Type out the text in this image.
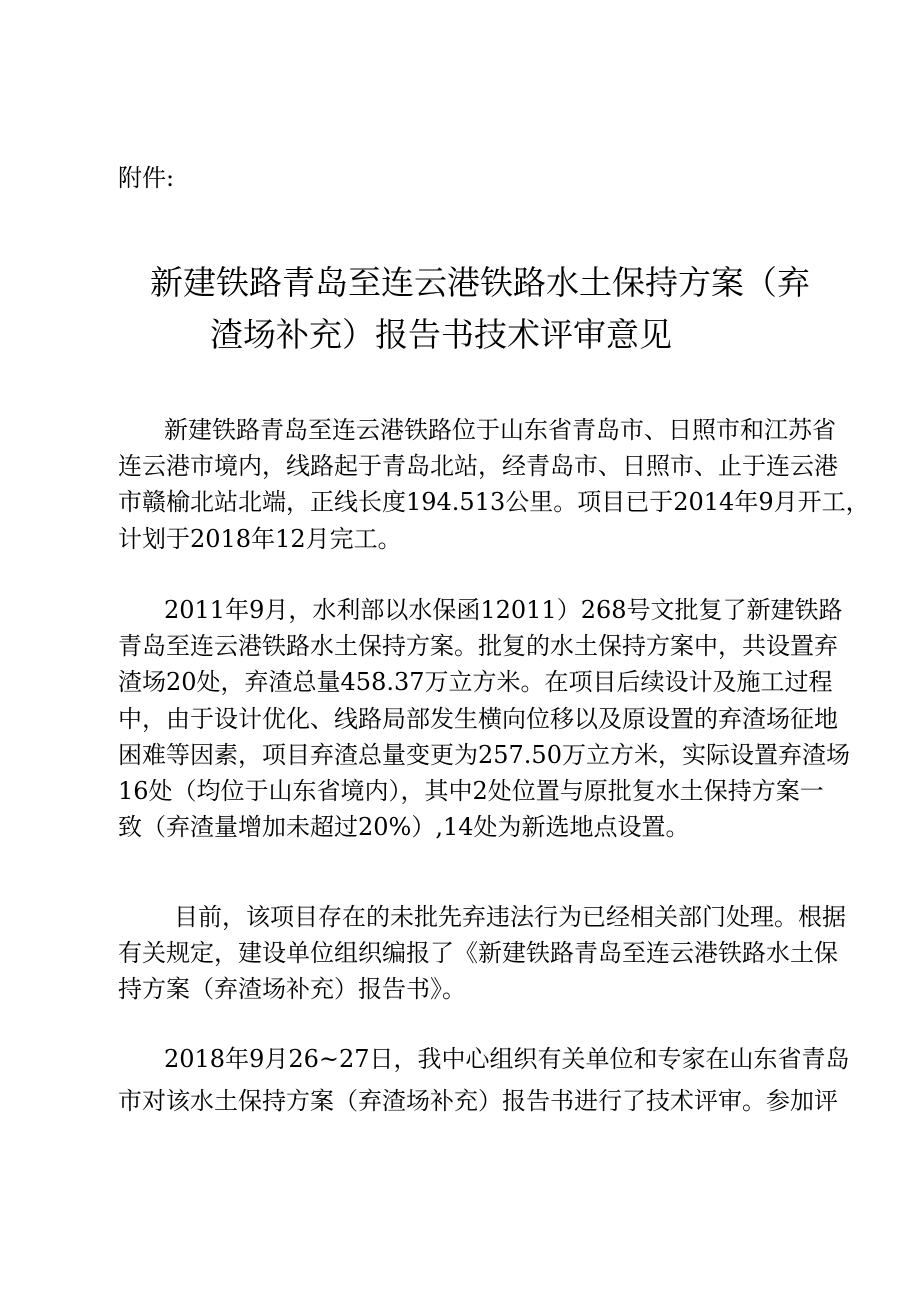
附件:
新建铁路青岛至连云港铁路水土保持方案（弃
渣场补充）报告书技术评审意见
新建铁路青岛至连云港铁路位于山东省青岛市、日照市和江苏省
连云港市境内，线路起于青岛北站，经青岛市、日照市、止于连云港
市赣榆北站北端，正线长度194.513公里。项目已于2014年9月开工，
计划于2018年12月完工。
2011年9月，水利部以水保函12011）268号文批复了新建铁路
青岛至连云港铁路水土保持方案。批复的水土保持方案中，共设置弃
渣场20处，弃渣总量458.37万立方米。在项目后续设计及施工过程
中，由于设计优化、线路局部发生横向位移以及原设置的弃渣场征地
困难等因素，项目弃渣总量变更为257.50万立方米，实际设置弃渣场
16处（均位于山东省境内），其中2处位置与原批复水土保持方案一
致（弃渣量增加未超过20%）,14处为新选地点设置。
目前，该项目存在的未批先弃违法行为已经相关部门处理。根据
有关规定，建设单位组织编报了《新建铁路青岛至连云港铁路水土保
持方案（弃渣场补充）报告书》。
2018年9月26~27日，我中心组织有关单位和专家在山东省青岛
市对该水土保持方案（弃渣场补充）报告书进行了技术评审。参加评
